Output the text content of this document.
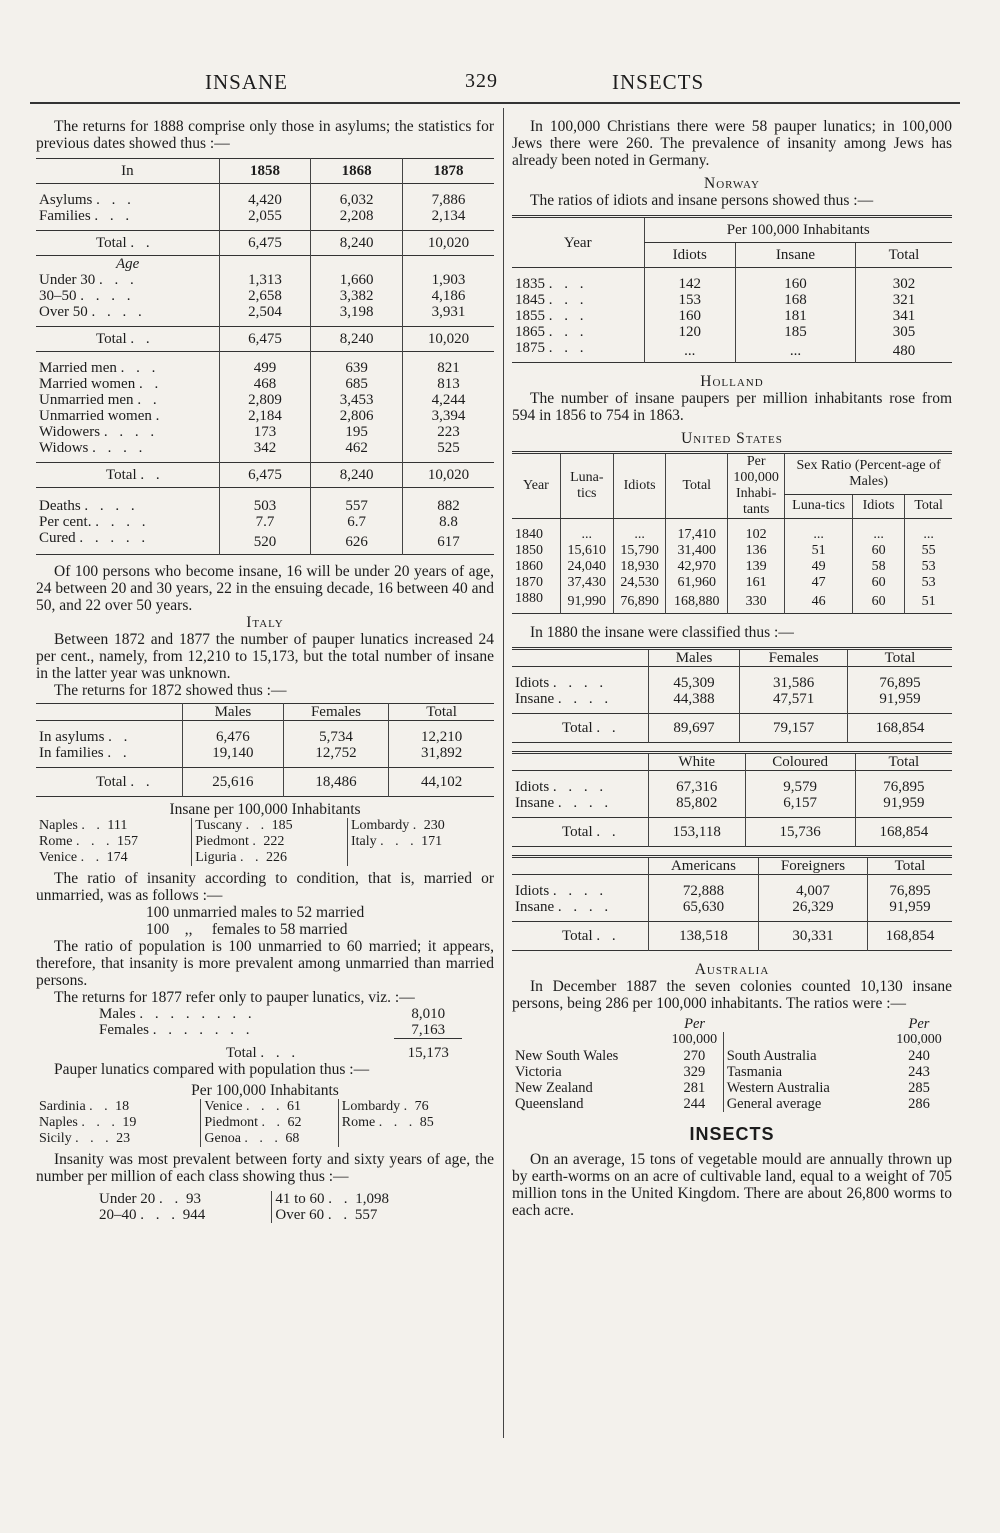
INSANE	329	INSECTS

The returns for 1888 comprise only those in asylums; the statistics for previous dates showed thus :—

In	1858	1868	1878

Asylums . . .	4,420	6,032	7,886
Families . . .	2,055	2,208	2,134

Total . .	6,475	8,240	10,020
Age			
Under 30 . . .	1,313	1,660	1,903
30–50 . . . .	2,658	3,382	4,186
Over 50 . . . .	2,504	3,198	3,931

Total . .	6,475	8,240	10,020

Married men . . .	499	639	821
Married women . .	468	685	813
Unmarried men . .	2,809	3,453	4,244
Unmarried women .	2,184	2,806	3,394
Widowers . . . .	173	195	223
Widows . . . .	342	462	525

Total . .	6,475	8,240	10,020

Deaths . . . .	503	557	882
Per cent. . . . .	7.7	6.7	8.8
Cured . . . . .	520	626	617

Of 100 persons who become insane, 16 will be under 20 years of age, 24 between 20 and 30 years, 22 in the ensuing decade, 16 between 40 and 50, and 22 over 50 years.

Italy

Between 1872 and 1877 the number of pauper lunatics increased 24 per cent., namely, from 12,210 to 15,173, but the total number of insane in the latter year was unknown.

The returns for 1872 showed thus :—

	Males	Females	Total

In asylums . .	6,476	5,734	12,210
In families . .	19,140	12,752	31,892

Total . .	25,616	18,486	44,102

Insane per 100,000 Inhabitants

Naples . . 111	Tuscany . . 185	Lombardy . 230
Rome . . . 157	Piedmont . 222	Italy . . . 171
Venice . . 174	Liguria . . 226	

The ratio of insanity according to condition, that is, married or unmarried, was as follows :—

100 unmarried males to 52 married

100    ,,     females to 58 married

The ratio of population is 100 unmarried to 60 married; it appears, therefore, that insanity is more prevalent among unmarried than married persons.

The returns for 1877 refer only to pauper lunatics, viz. :—

Males . . . . . . . .	8,010
Females . . . . . . .	7,163

Total . . .	15,173

Pauper lunatics compared with population thus :—

Per 100,000 Inhabitants

Sardinia . . 18	Venice . . . 61	Lombardy . 76
Naples . . . 19	Piedmont . . 62	Rome . . . 85
Sicily . . . 23	Genoa . . . 68	

Insanity was most prevalent between forty and sixty years of age, the number per million of each class showing thus :—

Under 20 . . 93	41 to 60 . . 1,098
20–40 . . . 944	Over 60 . . 557

In 100,000 Christians there were 58 pauper lunatics; in 100,000 Jews there were 260. The prevalence of insanity among Jews has already been noted in Germany.

Norway

The ratios of idiots and insane persons showed thus :—

Year	Per 100,000 Inhabitants		
	Idiots	Insane	Total

1835 . . .	142	160	302
1845 . . .	153	168	321
1855 . . .	160	181	341
1865 . . .	120	185	305
1875 . . .	...	...	480

Holland

The number of insane paupers per million inhabitants rose from 594 in 1856 to 754 in 1863.

United States

Year	Luna-tics	Idiots	Total	Per 100,000 Inhabi-tants	Sex Ratio (Percent-age of Males)		
					Luna-tics	Idiots	Total

1840	...	...	17,410	102	...	...	...
1850	15,610	15,790	31,400	136	51	60	55
1860	24,040	18,930	42,970	139	49	58	53
1870	37,430	24,530	61,960	161	47	60	53
1880	91,990	76,890	168,880	330	46	60	51

In 1880 the insane were classified thus :—

	Males	Females	Total

Idiots . . . .	45,309	31,586	76,895
Insane . . . .	44,388	47,571	91,959

Total . .	89,697	79,157	168,854
	White	Coloured	Total

Idiots . . . .	67,316	9,579	76,895
Insane . . . .	85,802	6,157	91,959

Total . .	153,118	15,736	168,854
	Americans	Foreigners	Total

Idiots . . . .	72,888	4,007	76,895
Insane . . . .	65,630	26,329	91,959

Total . .	138,518	30,331	168,854

Australia

In December 1887 the seven colonies counted 10,130 insane persons, being 286 per 100,000 inhabitants. The ratios were :—

	Per		Per
	100,000		100,000
New South Wales	270	South Australia	240
Victoria	329	Tasmania	243
New Zealand	281	Western Australia	285
Queensland	244	General average	286

INSECTS

On an average, 15 tons of vegetable mould are annually thrown up by earth-worms on an acre of cultivable land, equal to a weight of 705 million tons in the United Kingdom. There are about 26,800 worms to each acre.
